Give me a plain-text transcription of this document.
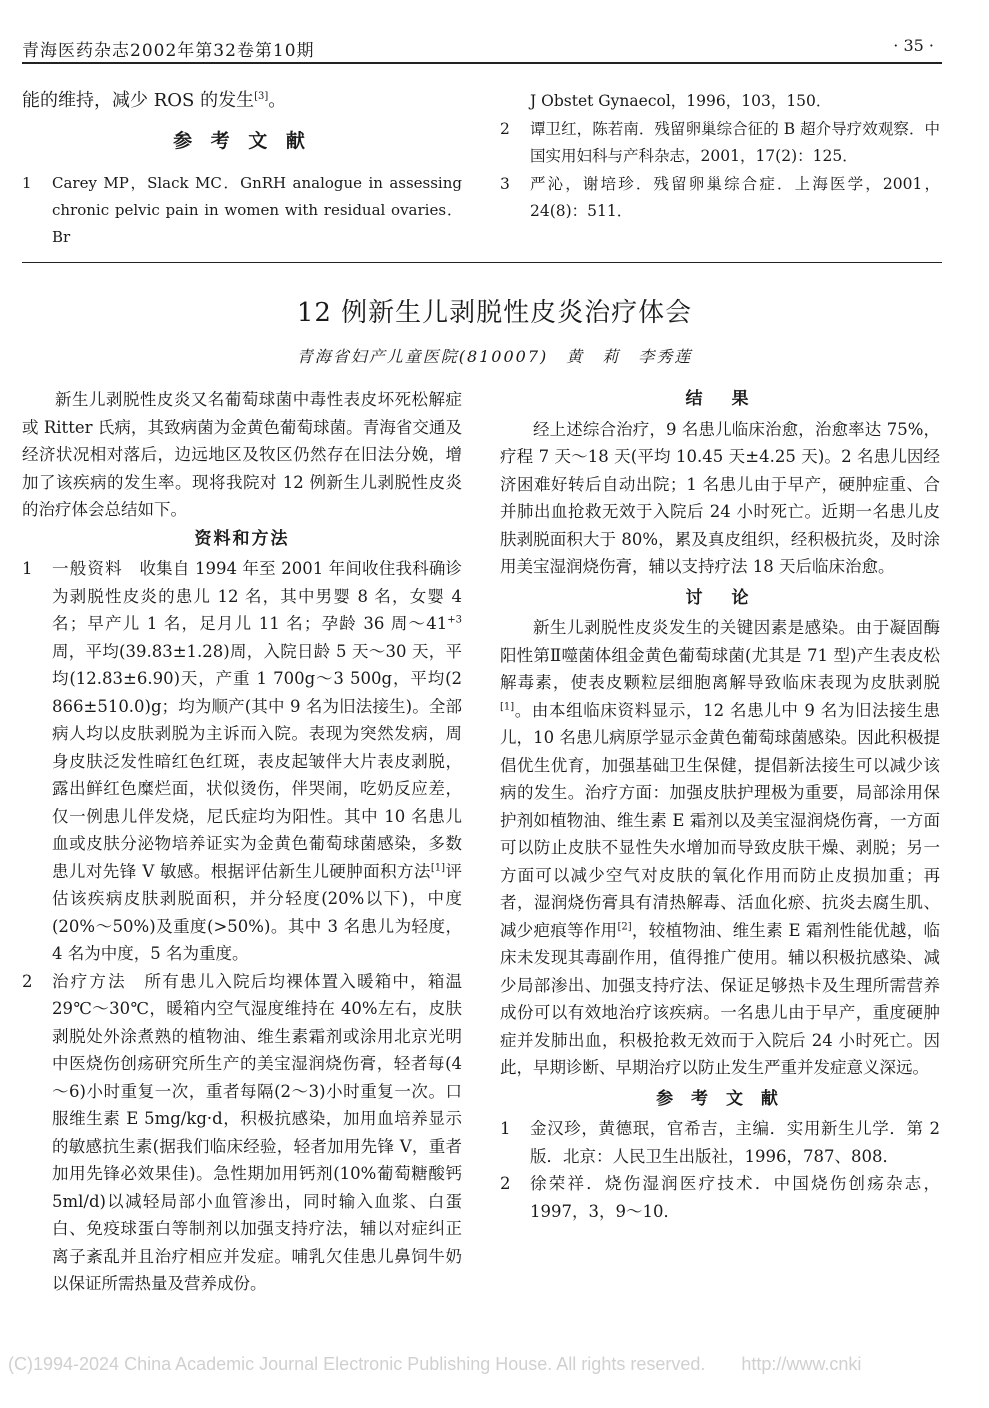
青海医药杂志2002年第32卷第10期	· 35 ·

能的维持，减少 ROS 的发生[3]。

参 考 文 献

1	Carey MP，Slack MC．GnRH analogue in assessing chronic pelvic pain in women with residual ovaries．Br
J Obstet Gynaecol，1996，103，150．
2	谭卫红，陈若南．残留卵巢综合征的 B 超介导疗效观察．中国实用妇科与产科杂志，2001，17(2)：125．
3	严沁，谢培珍．残留卵巢综合症．上海医学，2001，24(8)：511．
12 例新生儿剥脱性皮炎治疗体会
青海省妇产儿童医院(810007)　黄　莉　李秀莲

新生儿剥脱性皮炎又名葡萄球菌中毒性表皮坏死松解症或 Ritter 氏病，其致病菌为金黄色葡萄球菌。青海省交通及经济状况相对落后，边远地区及牧区仍然存在旧法分娩，增加了该疾病的发生率。现将我院对 12 例新生儿剥脱性皮炎的治疗体会总结如下。

资料和方法

1	一般资料　 收集自 1994 年至 2001 年间收住我科确诊为剥脱性皮炎的患儿 12 名，其中男婴 8 名，女婴 4 名；早产儿 1 名，足月儿 11 名；孕龄 36 周$\sim 41^{+3}$周，平均(39.83±1.28)周，入院日龄 5 天～30 天，平均(12.83±6.90)天，产重 1 700g～3 500g，平均(2 866±510.0)g；均为顺产(其中 9 名为旧法接生)。全部病人均以皮肤剥脱为主诉而入院。表现为突然发病，周身皮肤泛发性暗红色红斑，表皮起皱伴大片表皮剥脱，露出鲜红色糜烂面，状似烫伤，伴哭闹，吃奶反应差，仅一例患儿伴发烧，尼氏症均为阳性。其中 10 名患儿血或皮肤分泌物培养证实为金黄色葡萄球菌感染，多数患儿对先锋 V 敏感。根据评估新生儿硬肿面积方法[1]评估该疾病皮肤剥脱面积，并分轻度(20%以下)，中度(20%～50%)及重度(>50%)。其中 3 名患儿为轻度，4 名为中度，5 名为重度。
2	治疗方法　 所有患儿入院后均裸体置入暖箱中，箱温 29℃～30℃，暖箱内空气湿度维持在 40%左右，皮肤剥脱处外涂煮熟的植物油、维生素霜剂或涂用北京光明中医烧伤创疡研究所生产的美宝湿润烧伤膏，轻者每(4～6)小时重复一次，重者每隔(2～3)小时重复一次。口服维生素 E 5mg/kg·d，积极抗感染，加用血培养显示的敏感抗生素(据我们临床经验，轻者加用先锋 V，重者加用先锋必效果佳)。急性期加用钙剂(10%葡萄糖酸钙 5ml/d)以减轻局部小血管渗出，同时输入血浆、白蛋白、免疫球蛋白等制剂以加强支持疗法，辅以对症纠正离子紊乱并且治疗相应并发症。哺乳欠佳患儿鼻饲牛奶以保证所需热量及营养成份。

结　果

经上述综合治疗，9 名患儿临床治愈，治愈率达 75%，疗程 7 天～18 天(平均 10.45 天±4.25 天)。2 名患儿因经济困难好转后自动出院；1 名患儿由于早产，硬肿症重、合并肺出血抢救无效于入院后 24 小时死亡。近期一名患儿皮肤剥脱面积大于 80%，累及真皮组织，经积极抗炎，及时涂用美宝湿润烧伤膏，辅以支持疗法 18 天后临床治愈。

讨　论

新生儿剥脱性皮炎发生的关键因素是感染。由于凝固酶阳性第Ⅱ噬菌体组金黄色葡萄球菌(尤其是 71 型)产生表皮松解毒素，使表皮颗粒层细胞离解导致临床表现为皮肤剥脱[1]。由本组临床资料显示，12 名患儿中 9 名为旧法接生患儿，10 名患儿病原学显示金黄色葡萄球菌感染。因此积极提倡优生优育，加强基础卫生保健，提倡新法接生可以减少该病的发生。治疗方面：加强皮肤护理极为重要，局部涂用保护剂如植物油、维生素 E 霜剂以及美宝湿润烧伤膏，一方面可以防止皮肤不显性失水增加而导致皮肤干燥、剥脱；另一方面可以减少空气对皮肤的氧化作用而防止皮损加重；再者，湿润烧伤膏具有清热解毒、活血化瘀、抗炎去腐生肌、减少疤痕等作用[2]，较植物油、维生素 E 霜剂性能优越，临床未发现其毒副作用，值得推广使用。辅以积极抗感染、减少局部渗出、加强支持疗法、保证足够热卡及生理所需营养成份可以有效地治疗该疾病。一名患儿由于早产，重度硬肿症并发肺出血，积极抢救无效而于入院后 24 小时死亡。因此，早期诊断、早期治疗以防止发生严重并发症意义深远。

参 考 文 献

1	金汉珍，黄德珉，官希吉，主编．实用新生儿学．第 2 版．北京：人民卫生出版社，1996，787、808．
2	徐荣祥．烧伤湿润医疗技术．中国烧伤创疡杂志，1997，3，9～10．
(C)1994-2024 China Academic Journal Electronic Publishing House. All rights reserved.　　http://www.cnki
